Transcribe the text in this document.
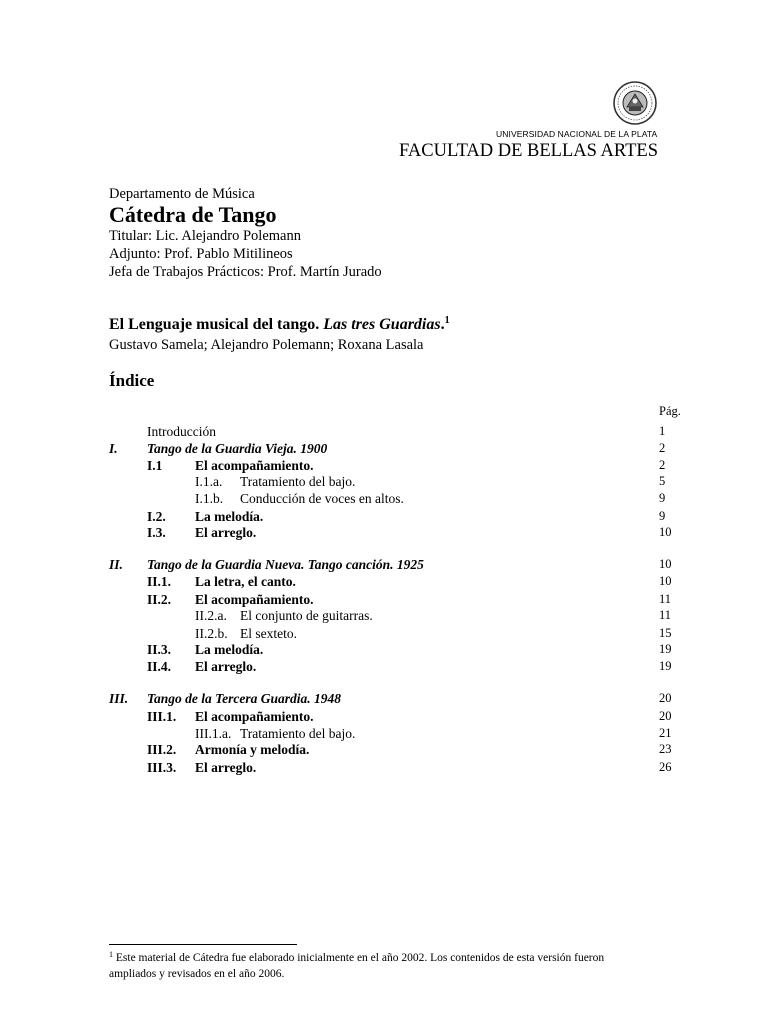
UNIVERSIDAD NACIONAL DE LA PLATA
FACULTAD DE BELLAS ARTES
Departamento de Música
Cátedra de Tango
Titular: Lic. Alejandro Polemann
Adjunto: Prof. Pablo Mitilineos
Jefa de Trabajos Prácticos: Prof. Martín Jurado
El Lenguaje musical del tango. Las tres Guardias.$^1$
Gustavo Samela; Alejandro Polemann; Roxana Lasala
Índice
Pág.
Introducción	1
I. Tango de la Guardia Vieja. 1900	2
I.1 El acompañamiento.	2
I.1.a. Tratamiento del bajo.	5
I.1.b. Conducción de voces en altos.	9
I.2. La melodía.	9
I.3. El arreglo.	10
II. Tango de la Guardia Nueva. Tango canción. 1925	10
II.1. La letra, el canto.	10
II.2. El acompañamiento.	11
II.2.a. El conjunto de guitarras.	11
II.2.b. El sexteto.	15
II.3. La melodía.	19
II.4. El arreglo.	19
III. Tango de la Tercera Guardia. 1948	20
III.1. El acompañamiento.	20
III.1.a. Tratamiento del bajo.	21
III.2. Armonía y melodía.	23
III.3. El arreglo.	26
$^1$ Este material de Cátedra fue elaborado inicialmente en el año 2002. Los contenidos de esta versión fueron ampliados y revisados en el año 2006.
